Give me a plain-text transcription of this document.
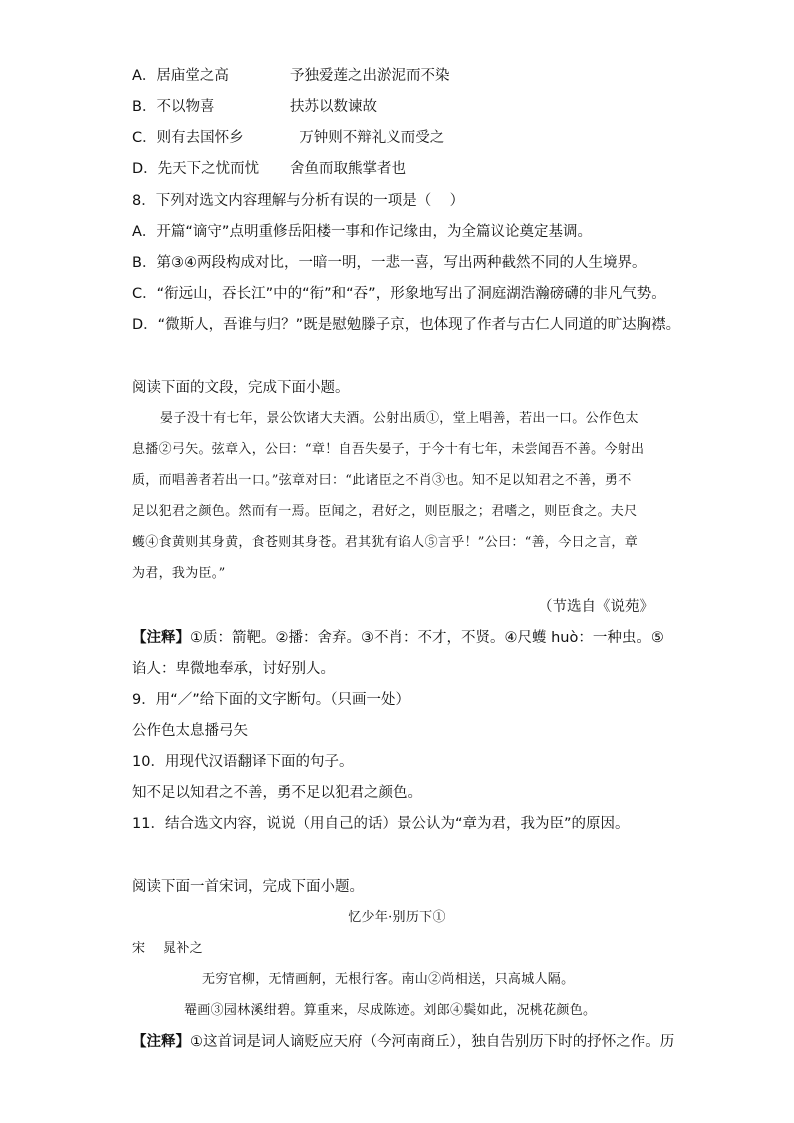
A．居庙堂之高	予独爱莲之出淤泥而不染
B．不以物喜	扶苏以数谏故
C．则有去国怀乡	万钟则不辩礼义而受之
D．先天下之忧而忧 舍鱼而取熊掌者也
8．下列对选文内容理解与分析有误的一项是（    ）
A．开篇“谪守”点明重修岳阳楼一事和作记缘由，为全篇议论奠定基调。
B．第③④两段构成对比，一暗一明，一悲一喜，写出两种截然不同的人生境界。
C．“衔远山，吞长江”中的“衔”和“吞”，形象地写出了洞庭湖浩瀚磅礴的非凡气势。
D．“微斯人，吾谁与归？”既是慰勉滕子京，也体现了作者与古仁人同道的旷达胸襟。
阅读下面的文段，完成下面小题。
晏子没十有七年，景公饮诸大夫酒。公射出质①，堂上唱善，若出一口。公作色太
息播②弓矢。弦章入，公曰：“章！自吾失晏子，于今十有七年，未尝闻吾不善。今射出
质，而唱善者若出一口。”弦章对曰：“此诸臣之不肖③也。知不足以知君之不善，勇不
足以犯君之颜色。然而有一焉。臣闻之，君好之，则臣服之；君嗜之，则臣食之。夫尺
蠖④食黄则其身黄，食苍则其身苍。君其犹有谄人⑤言乎！”公曰：“善，今日之言，章
为君，我为臣。”
（节选自《说苑》
【注释】①质：箭靶。②播：舍弃。③不肖：不才，不贤。④尺蠖 huò：一种虫。⑤
谄人：卑微地奉承，讨好别人。
9．用“／”给下面的文字断句。（只画一处）
公作色太息播弓矢
10．用现代汉语翻译下面的句子。
知不足以知君之不善，勇不足以犯君之颜色。
11．结合选文内容，说说（用自己的话）景公认为“章为君，我为臣”的原因。
阅读下面一首宋词，完成下面小题。
忆少年·别历下①
宋    晁补之
无穷官柳，无情画舸，无根行客。南山②尚相送，只高城人隔。
罨画③园林溪绀碧。算重来，尽成陈迹。刘郎④鬓如此，况桃花颜色。
【注释】①这首词是词人谪贬应天府（今河南商丘），独自告别历下时的抒怀之作。历
